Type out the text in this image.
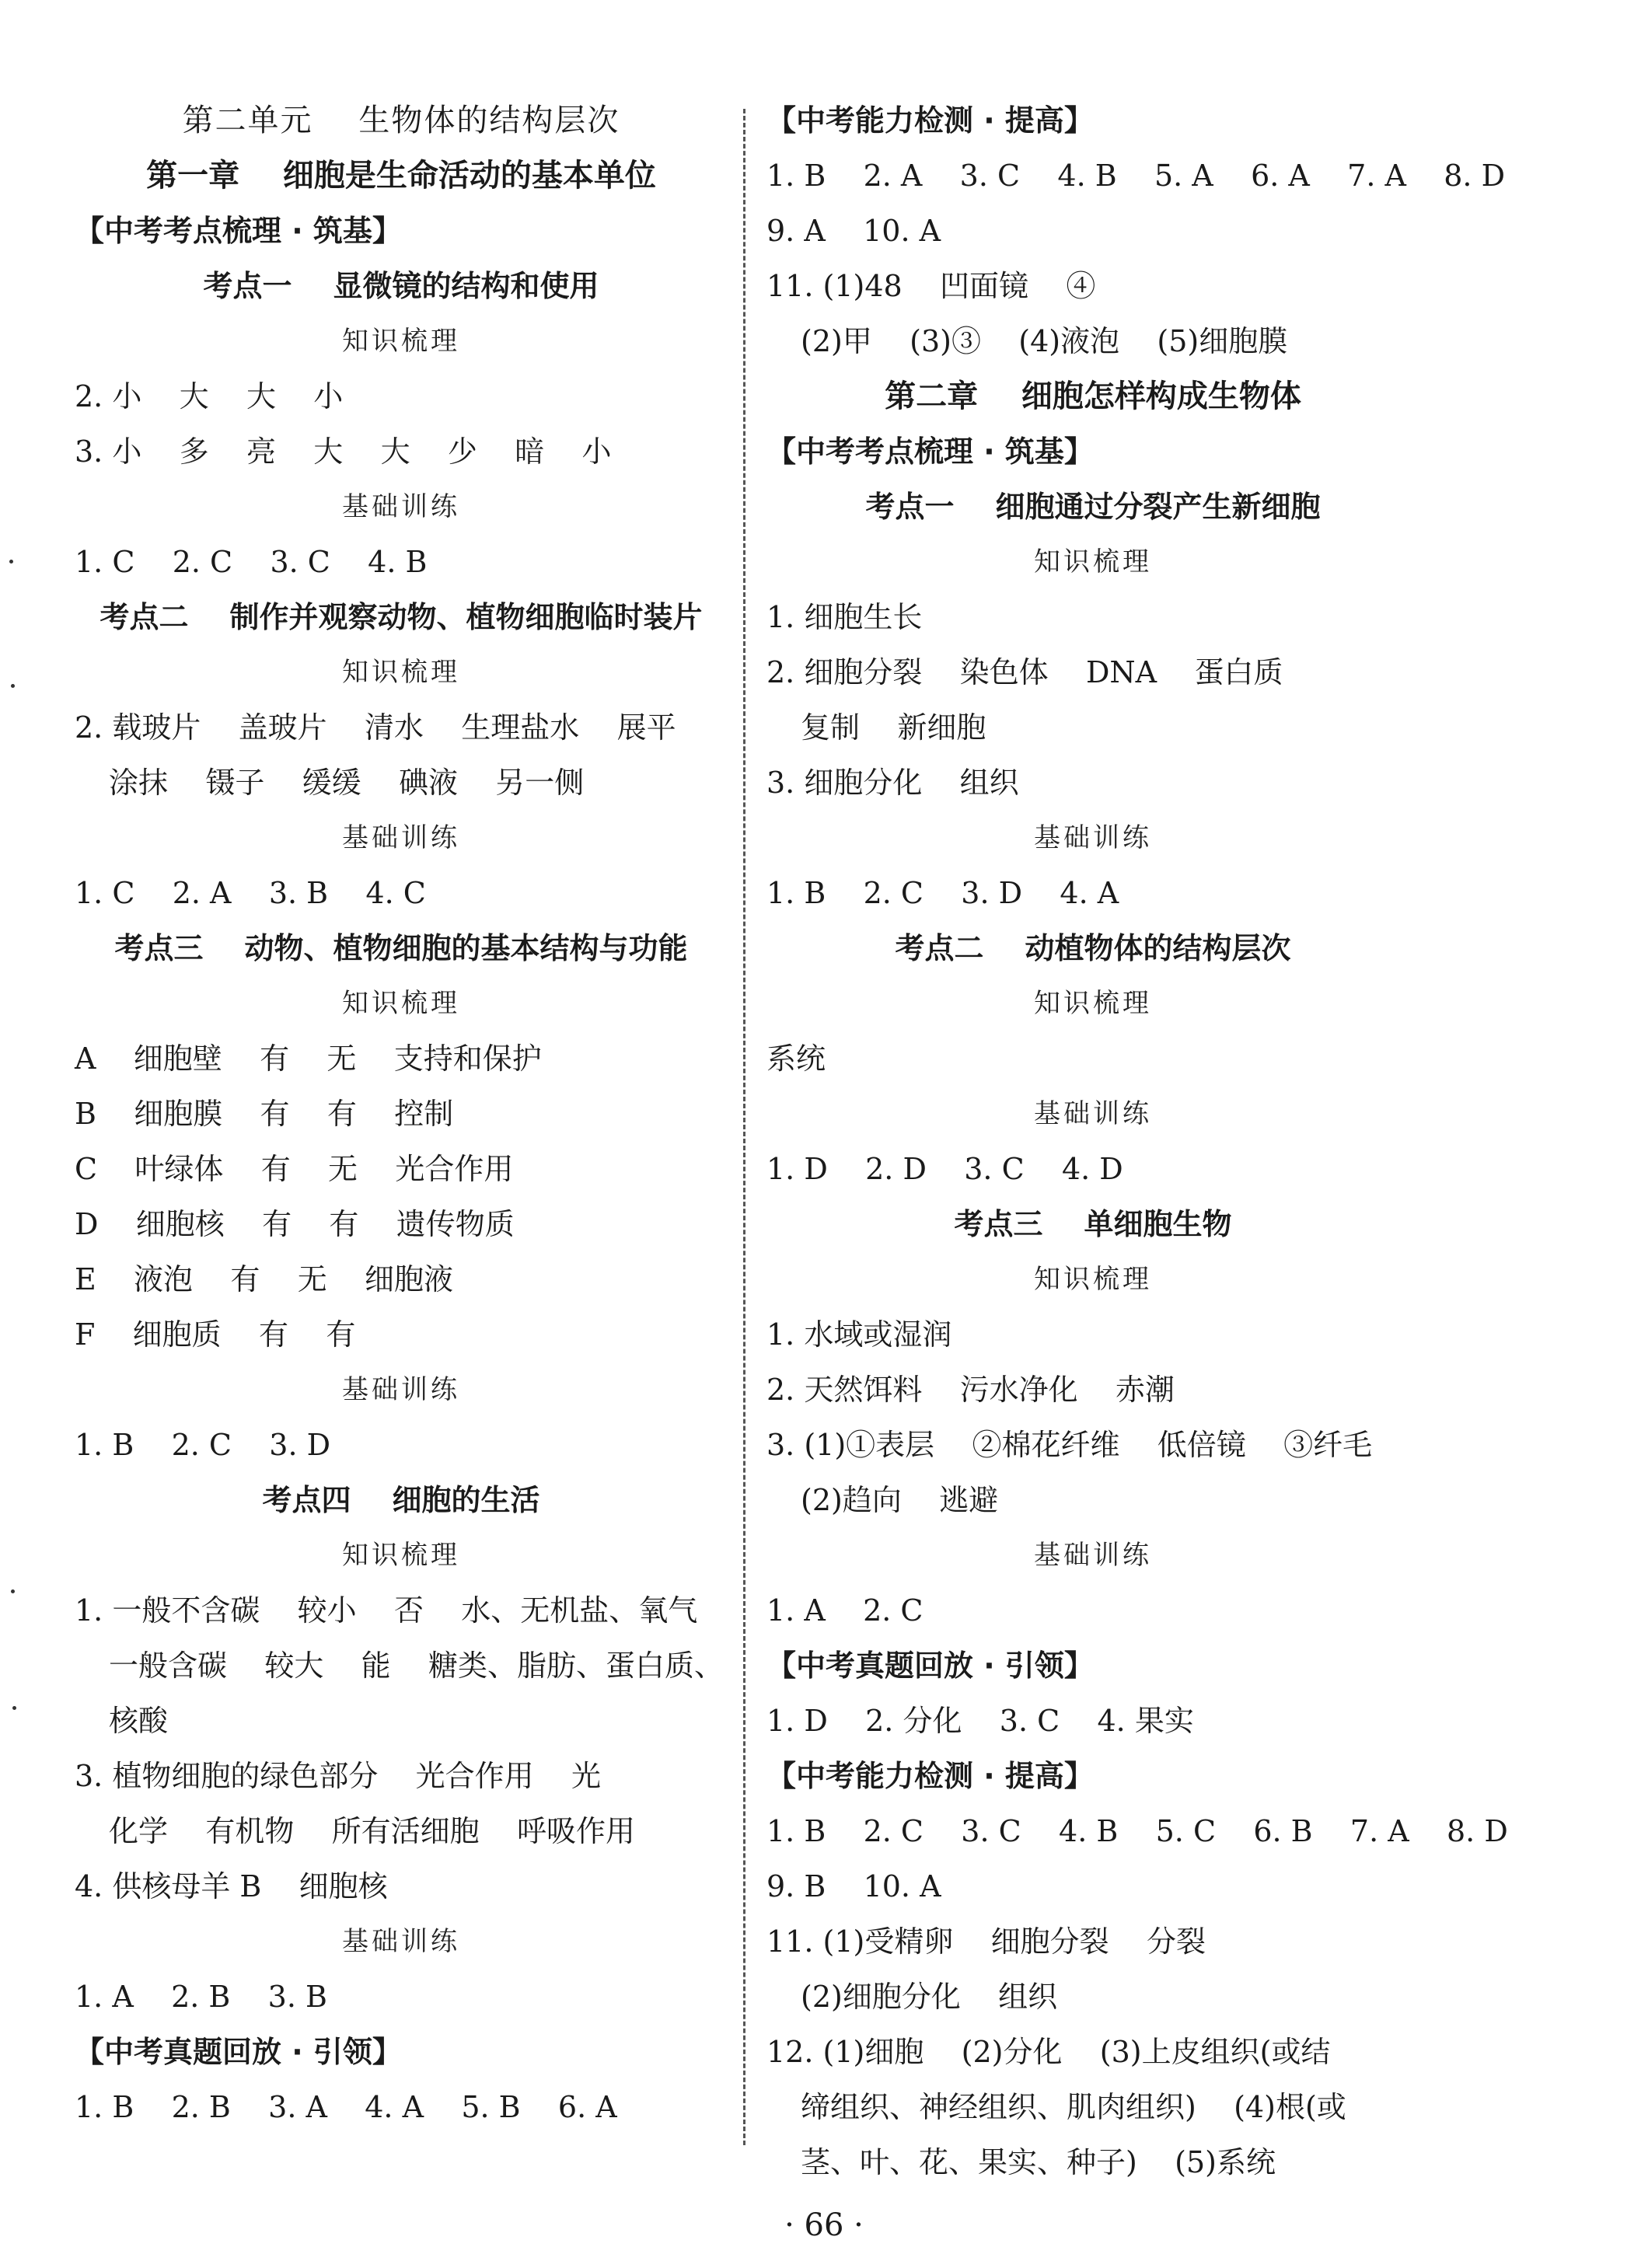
第二单元    生物体的结构层次
第一章    细胞是生命活动的基本单位
【中考考点梳理 · 筑基】
考点一    显微镜的结构和使用
知识梳理
2. 小    大    大    小
3. 小    多    亮    大    大    少    暗    小
基础训练
1. C    2. C    3. C    4. B
考点二    制作并观察动物、植物细胞临时装片
知识梳理
2. 载玻片    盖玻片    清水    生理盐水    展平
涂抹    镊子    缓缓    碘液    另一侧
基础训练
1. C    2. A    3. B    4. C
考点三    动物、植物细胞的基本结构与功能
知识梳理
A    细胞壁    有    无    支持和保护
B    细胞膜    有    有    控制
C    叶绿体    有    无    光合作用
D    细胞核    有    有    遗传物质
E    液泡    有    无    细胞液
F    细胞质    有    有
基础训练
1. B    2. C    3. D
考点四    细胞的生活
知识梳理
1. 一般不含碳    较小    否    水、无机盐、氧气
一般含碳    较大    能    糖类、脂肪、蛋白质、
核酸
3. 植物细胞的绿色部分    光合作用    光
化学    有机物    所有活细胞    呼吸作用
4. 供核母羊 B    细胞核
基础训练
1. A    2. B    3. B
【中考真题回放 · 引领】
1. B    2. B    3. A    4. A    5. B    6. A
【中考能力检测 · 提高】
1. B    2. A    3. C    4. B    5. A    6. A    7. A    8. D
9. A    10. A
11. (1)48    凹面镜    ④
(2)甲    (3)③    (4)液泡    (5)细胞膜
第二章    细胞怎样构成生物体
【中考考点梳理 · 筑基】
考点一    细胞通过分裂产生新细胞
知识梳理
1. 细胞生长
2. 细胞分裂    染色体    DNA    蛋白质
复制    新细胞
3. 细胞分化    组织
基础训练
1. B    2. C    3. D    4. A
考点二    动植物体的结构层次
知识梳理
系统
基础训练
1. D    2. D    3. C    4. D
考点三    单细胞生物
知识梳理
1. 水域或湿润
2. 天然饵料    污水净化    赤潮
3. (1)①表层    ②棉花纤维    低倍镜    ③纤毛
(2)趋向    逃避
基础训练
1. A    2. C
【中考真题回放 · 引领】
1. D    2. 分化    3. C    4. 果实
【中考能力检测 · 提高】
1. B    2. C    3. C    4. B    5. C    6. B    7. A    8. D
9. B    10. A
11. (1)受精卵    细胞分裂    分裂
(2)细胞分化    组织
12. (1)细胞    (2)分化    (3)上皮组织(或结
缔组织、神经组织、肌肉组织)    (4)根(或
茎、叶、花、果实、种子)    (5)系统
· 66 ·
